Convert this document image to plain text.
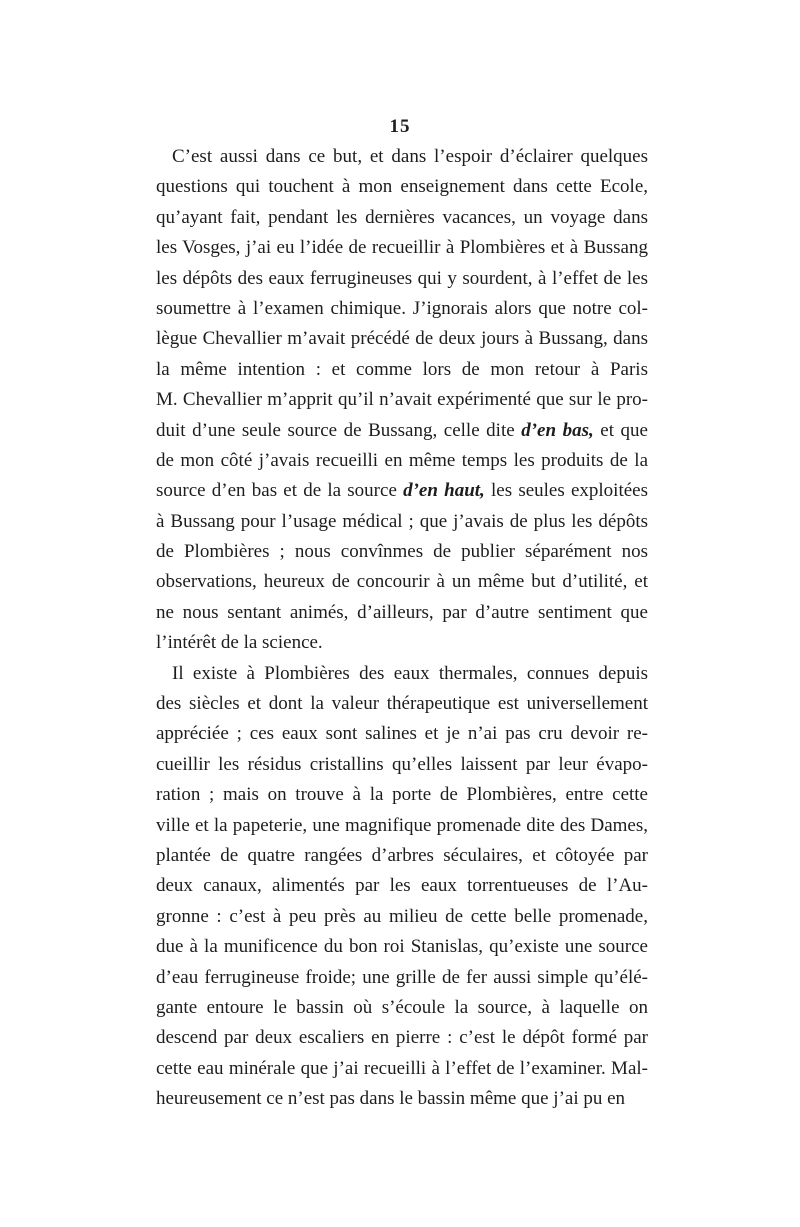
15
C’est aussi dans ce but, et dans l’espoir d’éclairer quelques
questions qui touchent à mon enseignement dans cette Ecole,
qu’ayant fait, pendant les dernières vacances, un voyage dans
les Vosges, j’ai eu l’idée de recueillir à Plombières et à Bussang
les dépôts des eaux ferrugineuses qui y sourdent, à l’effet de les
soumettre à l’examen chimique. J’ignorais alors que notre col-
lègue Chevallier m’avait précédé de deux jours à Bussang, dans
la même intention : et comme lors de mon retour à Paris
M. Chevallier m’apprit qu’il n’avait expérimenté que sur le pro-
duit d’une seule source de Bussang, celle dite d’en bas, et que
de mon côté j’avais recueilli en même temps les produits de la
source d’en bas et de la source d’en haut, les seules exploitées
à Bussang pour l’usage médical ; que j’avais de plus les dépôts
de Plombières ; nous convînmes de publier séparément nos
observations, heureux de concourir à un même but d’utilité, et
ne nous sentant animés, d’ailleurs, par d’autre sentiment que
l’intérêt de la science.
Il existe à Plombières des eaux thermales, connues depuis
des siècles et dont la valeur thérapeutique est universellement
appréciée ; ces eaux sont salines et je n’ai pas cru devoir re-
cueillir les résidus cristallins qu’elles laissent par leur évapo-
ration ; mais on trouve à la porte de Plombières, entre cette
ville et la papeterie, une magnifique promenade dite des Dames,
plantée de quatre rangées d’arbres séculaires, et côtoyée par
deux canaux, alimentés par les eaux torrentueuses de l’Au-
gronne : c’est à peu près au milieu de cette belle promenade,
due à la munificence du bon roi Stanislas, qu’existe une source
d’eau ferrugineuse froide; une grille de fer aussi simple qu’élé-
gante entoure le bassin où s’écoule la source, à laquelle on
descend par deux escaliers en pierre : c’est le dépôt formé par
cette eau minérale que j’ai recueilli à l’effet de l’examiner. Mal-
heureusement ce n’est pas dans le bassin même que j’ai pu en
